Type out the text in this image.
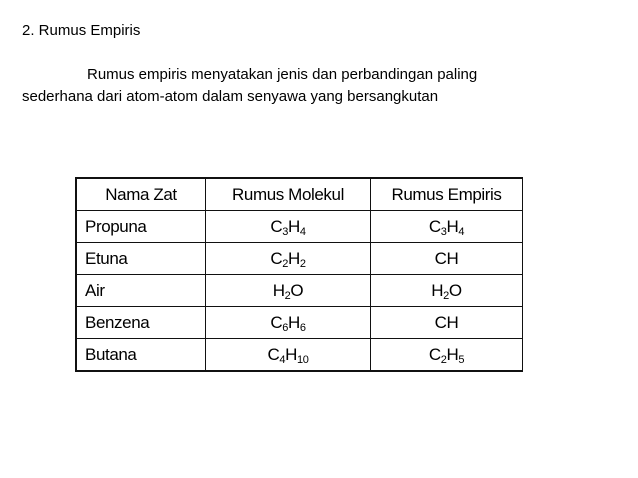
2. Rumus Empiris
Rumus empiris menyatakan jenis dan perbandingan paling
sederhana dari atom-atom dalam senyawa yang bersangkutan
Nama Zat	Rumus Molekul	Rumus Empiris
Propuna	$C_3H_4$	$C_3H_4$
Etuna	$C_2H_2$	CH
Air	$H_2O$	$H_2O$
Benzena	$C_6H_6$	CH
Butana	$C_4H_{10}$	$C_2H_5$
